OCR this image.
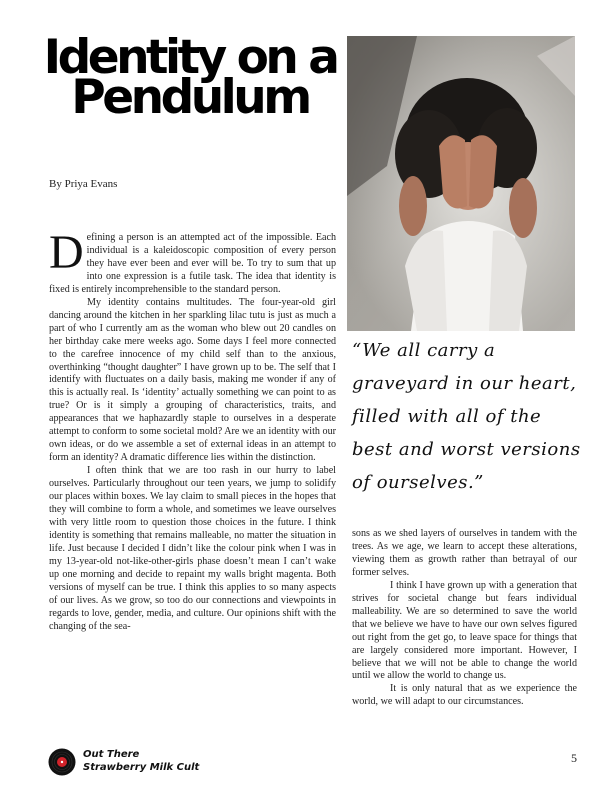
Identity on a Pendulum
By Priya Evans

“We all carry a graveyard in our heart, filled with all of the best and worst versions of ourselves.”

Defining a person is an attempted act of the impossible. Each individual is a kaleidoscopic composition of every person they have ever been and ever will be. To try to sum that up into one expression is a futile task. The idea that identity is fixed is entirely incomprehensible to the standard person.

My identity contains multitudes. The four-year-old girl dancing around the kitchen in her sparkling lilac tutu is just as much a part of who I currently am as the woman who blew out 20 candles on her birthday cake mere weeks ago. Some days I feel more connected to the carefree innocence of my child self than to the anxious, overthinking “thought daughter” I have grown up to be. The self that I identify with fluctuates on a daily basis, making me wonder if any of this is actually real. Is ‘identity’ actually something we can point to as true? Or is it simply a grouping of characteristics, traits, and appearances that we haphazardly staple to ourselves in a desperate attempt to conform to some societal mold? Are we an identity with our own ideas, or do we assemble a set of external ideas in an attempt to form an identity? A dramatic difference lies within the distinction.

I often think that we are too rash in our hurry to label ourselves. Particularly throughout our teen years, we jump to solidify our places within boxes. We lay claim to small pieces in the hopes that they will combine to form a whole, and sometimes we leave ourselves with very little room to question those choices in the future. I think identity is something that remains malleable, no matter the situation in life. Just because I decided I didn’t like the colour pink when I was in my 13-year-old not-like-other-girls phase doesn’t mean I can’t wake up one morning and decide to repaint my walls bright magenta. Both versions of myself can be true. I think this applies to so many aspects of our lives. As we grow, so too do our connections and viewpoints in regards to love, gender, media, and culture. Our opinions shift with the changing of the sea-

sons as we shed layers of ourselves in tandem with the trees. As we age, we learn to accept these alterations, viewing them as growth rather than betrayal of our former selves.

I think I have grown up with a generation that strives for societal change but fears individual malleability. We are so determined to save the world that we believe we have to have our own selves figured out right from the get go, to leave space for things that are largely considered more important. However, I believe that we will not be able to change the world until we allow the world to change us.

It is only natural that as we experience the world, we will adapt to our circumstances.

Out There
Strawberry Milk Cult
5
